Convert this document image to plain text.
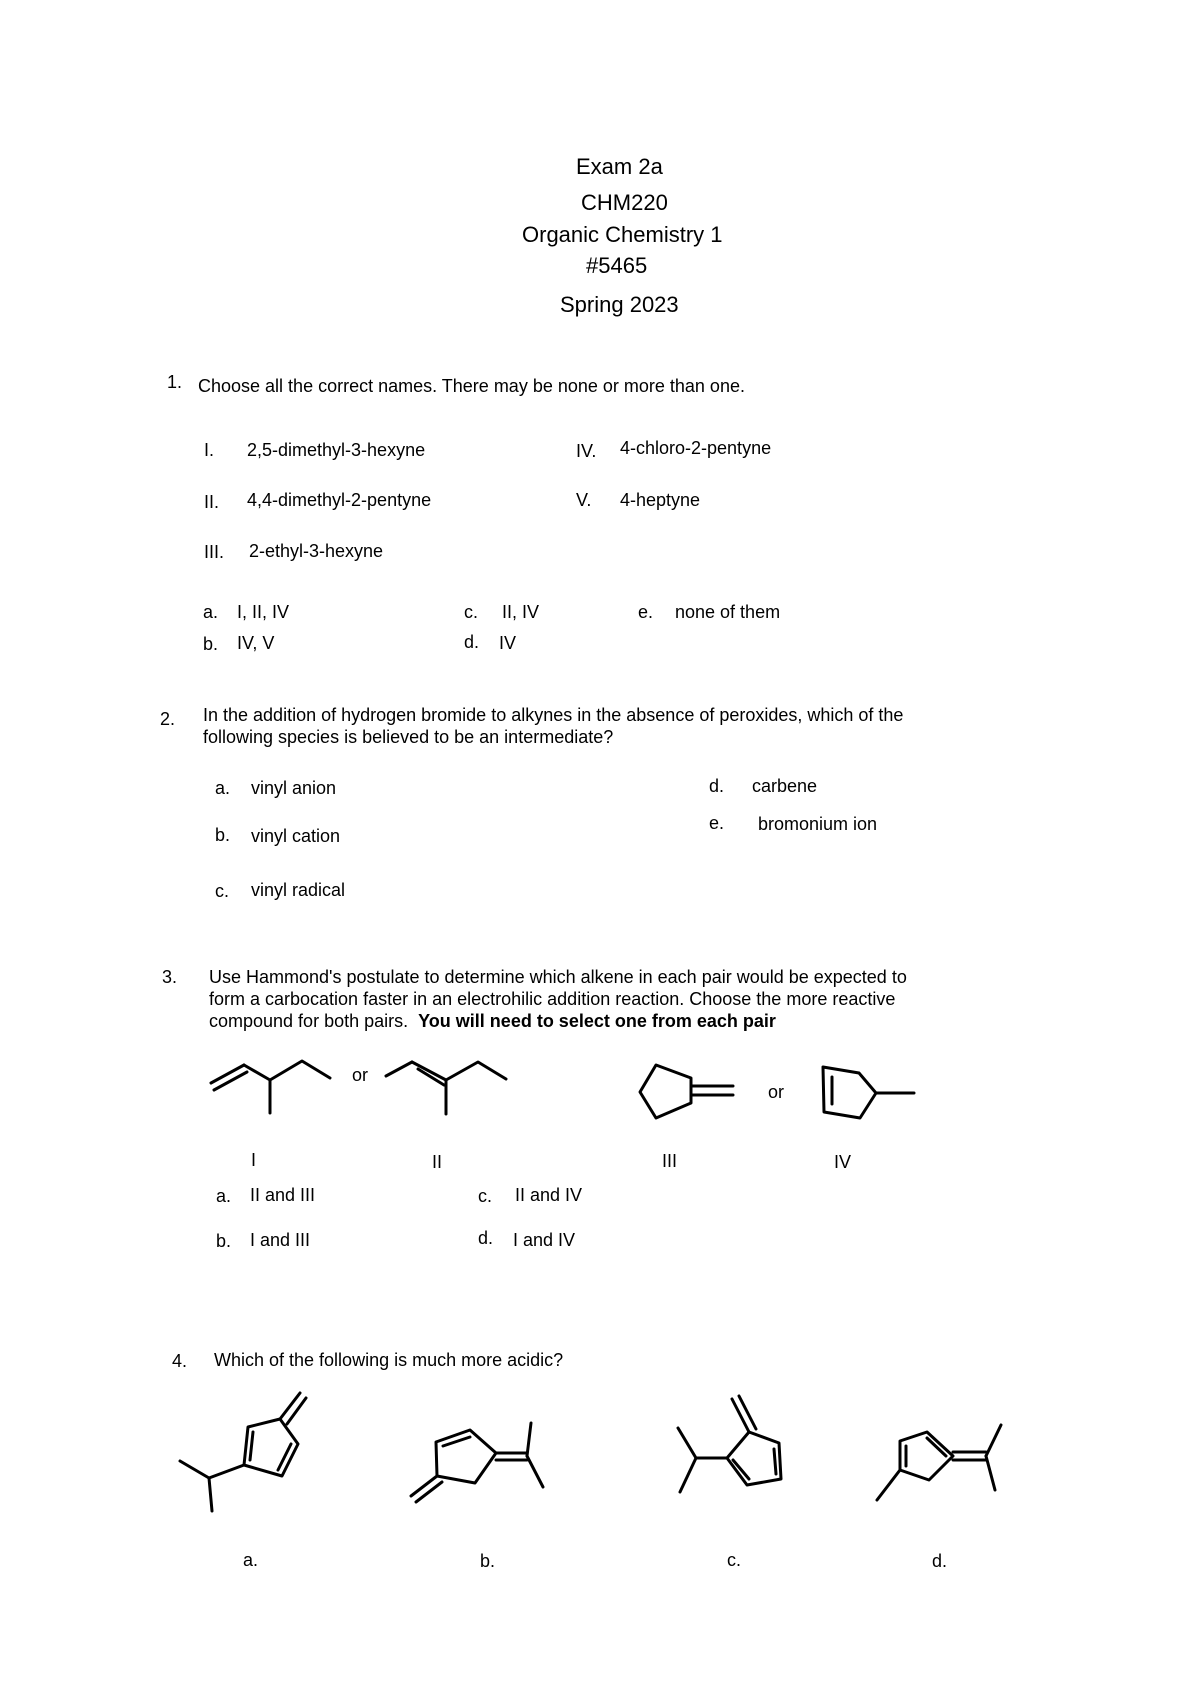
Exam 2a
CHM220
Organic Chemistry 1
#5465
Spring 2023
1. Choose all the correct names. There may be none or more than one.
I. 2,5-dimethyl-3-hexyne
II. 4,4-dimethyl-2-pentyne
III. 2-ethyl-3-hexyne
IV. 4-chloro-2-pentyne
V. 4-heptyne
a. I, II, IV
b. IV, V
c. II, IV
d. IV
e. none of them
2. In the addition of hydrogen bromide to alkynes in the absence of peroxides, which of the
following species is believed to be an intermediate?
a. vinyl anion
b. vinyl cation
c. vinyl radical
d. carbene
e. bromonium ion
3. Use Hammond's postulate to determine which alkene in each pair would be expected to
form a carbocation faster in an electrohilic addition reaction. Choose the more reactive
compound for both pairs. You will need to select one from each pair
or
or
I	II	III	IV
a. II and III
b. I and III
c. II and IV
d. I and IV
4. Which of the following is much more acidic?
a.	b.	c.	d.
